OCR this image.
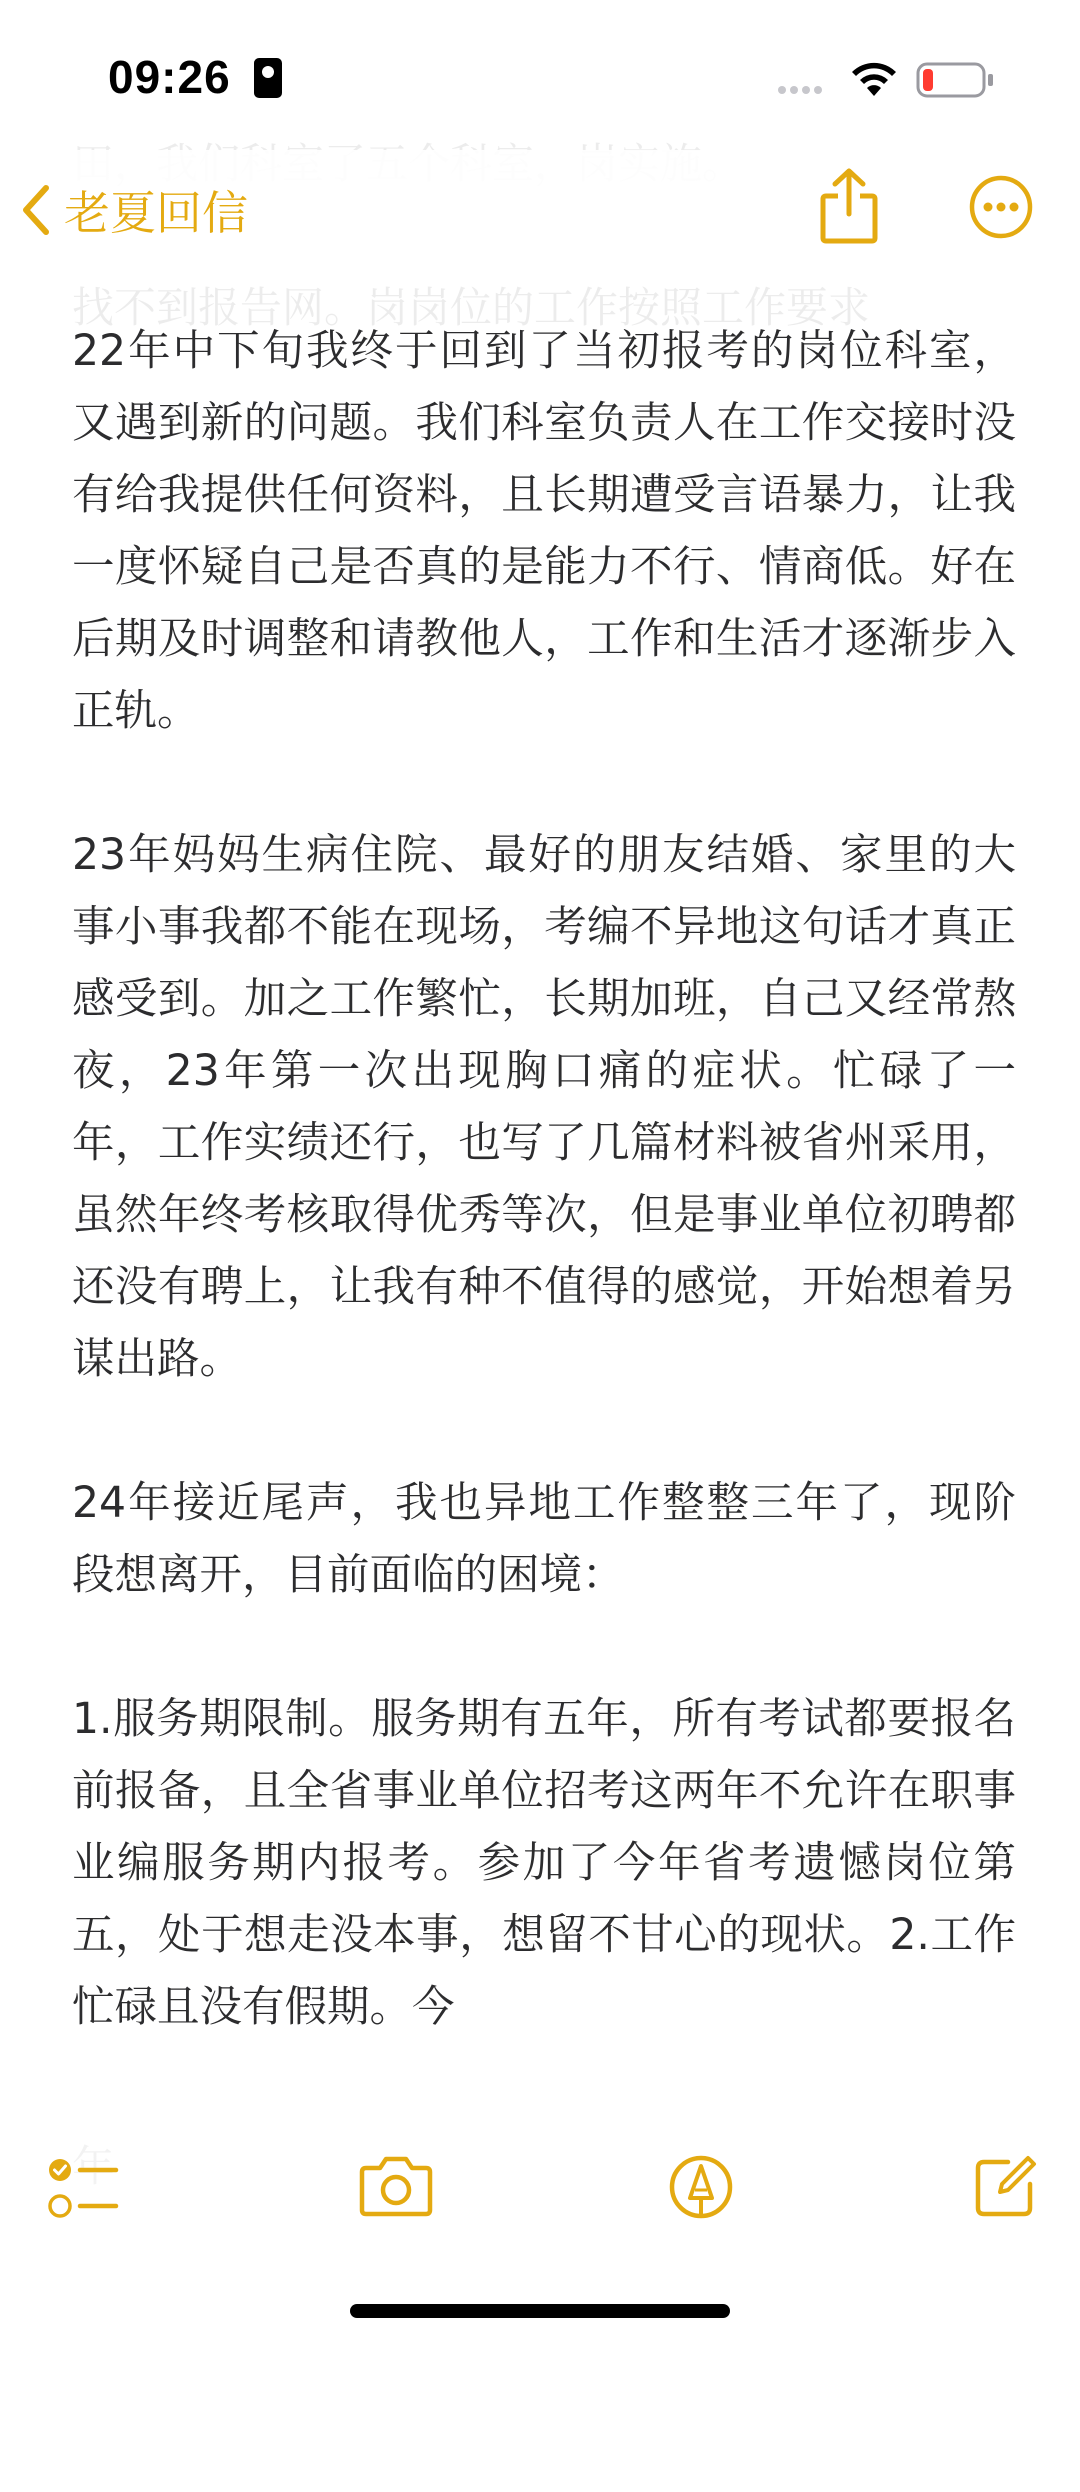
找不到报告网。岗岗位的工作按照工作要求

09:26
老夏回信

22年中下旬我终于回到了当初报考的岗位科室，又遇到新的问题。我们科室负责人在工作交接时没有给我提供任何资料，且长期遭受言语暴力，让我一度怀疑自己是否真的是能力不行、情商低。好在后期及时调整和请教他人，工作和生活才逐渐步入正轨。

23年妈妈生病住院、最好的朋友结婚、家里的大事小事我都不能在现场，考编不异地这句话才真正感受到。加之工作繁忙，长期加班，自己又经常熬夜，23年第一次出现胸口痛的症状。忙碌了一年，工作实绩还行，也写了几篇材料被省州采用，虽然年终考核取得优秀等次，但是事业单位初聘都还没有聘上，让我有种不值得的感觉，开始想着另谋出路。

24年接近尾声，我也异地工作整整三年了，现阶段想离开，目前面临的困境：

1.服务期限制。服务期有五年，所有考试都要报名前报备，且全省事业单位招考这两年不允许在职事业编服务期内报考。参加了今年省考遗憾岗位第五，处于想走没本事，想留不甘心的现状。2.工作忙碌且没有假期。今
